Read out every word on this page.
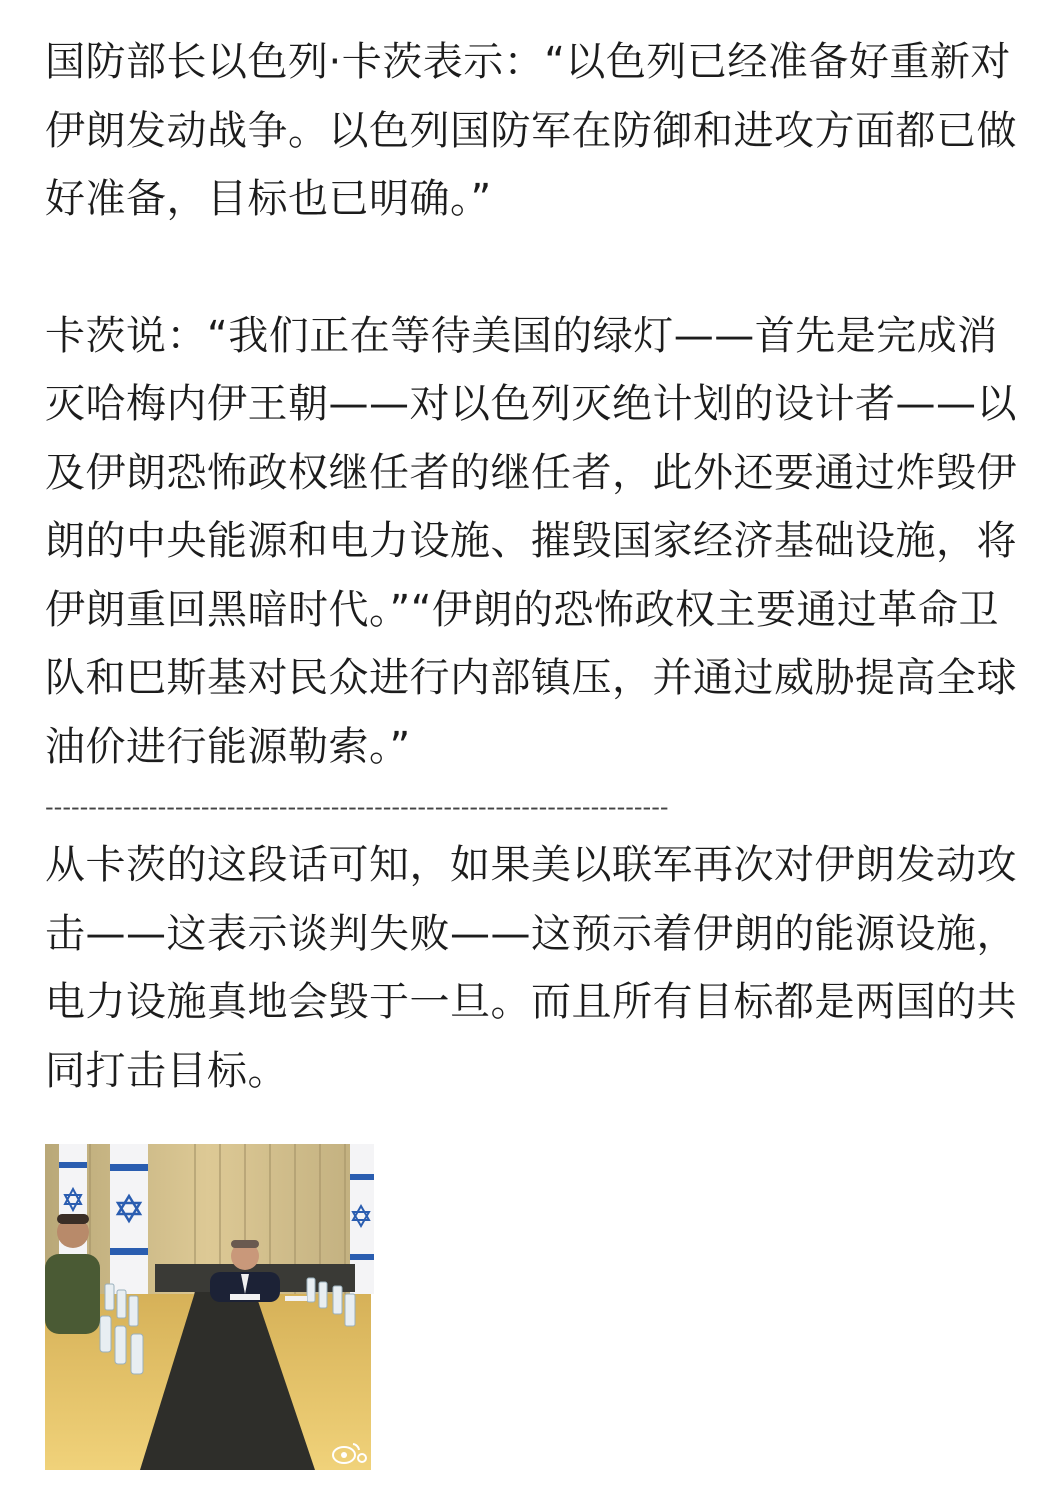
国防部长以色列·卡茨表示：“以色列已经准备好重新对伊朗发动战争。以色列国防军在防御和进攻方面都已做好准备，目标也已明确。”

卡茨说：“我们正在等待美国的绿灯——首先是完成消灭哈梅内伊王朝——对以色列灭绝计划的设计者——以及伊朗恐怖政权继任者的继任者，此外还要通过炸毁伊朗的中央能源和电力设施、摧毁国家经济基础设施，将伊朗重回黑暗时代。”“伊朗的恐怖政权主要通过革命卫队和巴斯基对民众进行内部镇压，并通过威胁提高全球油价进行能源勒索。”

------------------------------------------------------------------------

从卡茨的这段话可知，如果美以联军再次对伊朗发动攻击——这表示谈判失败——这预示着伊朗的能源设施，电力设施真地会毁于一旦。而且所有目标都是两国的共同打击目标。
